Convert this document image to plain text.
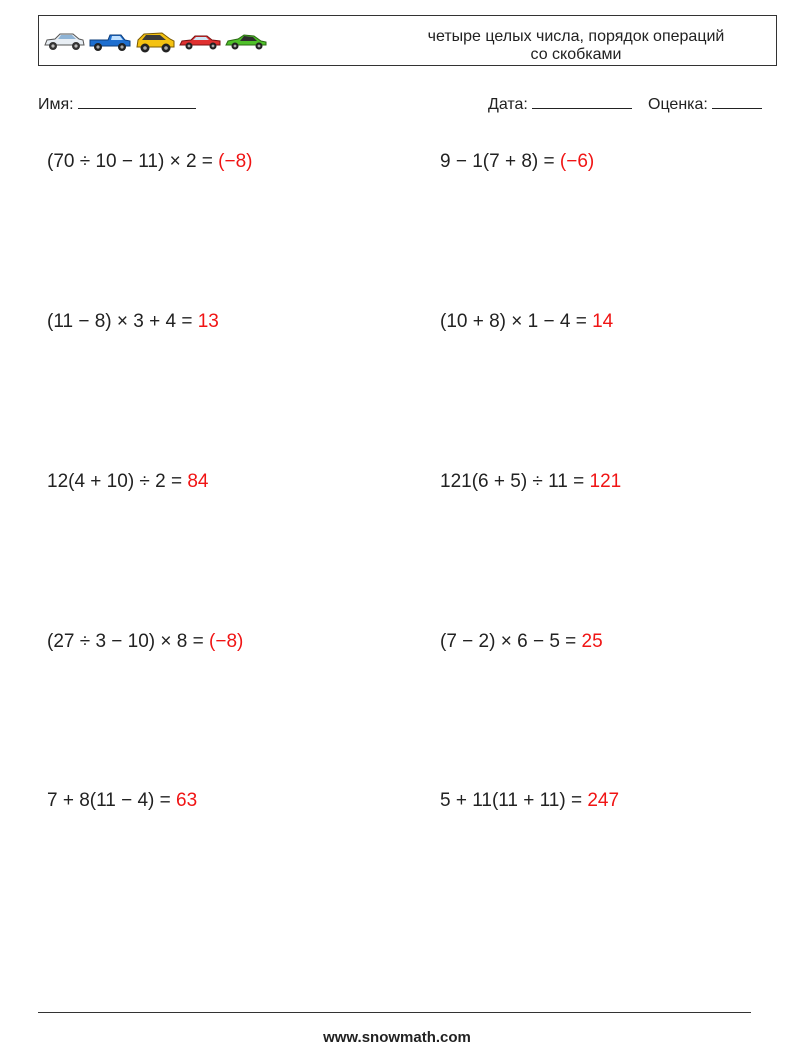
четыре целых числа, порядок операций
со скобками
Имя:	Дата:	Оценка:
(70 ÷ 10 − 11) × 2 = (−8)	9 − 1(7 + 8) = (−6)
(11 − 8) × 3 + 4 = 13	(10 + 8) × 1 − 4 = 14
12(4 + 10) ÷ 2 = 84	121(6 + 5) ÷ 11 = 121
(27 ÷ 3 − 10) × 8 = (−8)	(7 − 2) × 6 − 5 = 25
7 + 8(11 − 4) = 63	5 + 11(11 + 11) = 247
www.snowmath.com
